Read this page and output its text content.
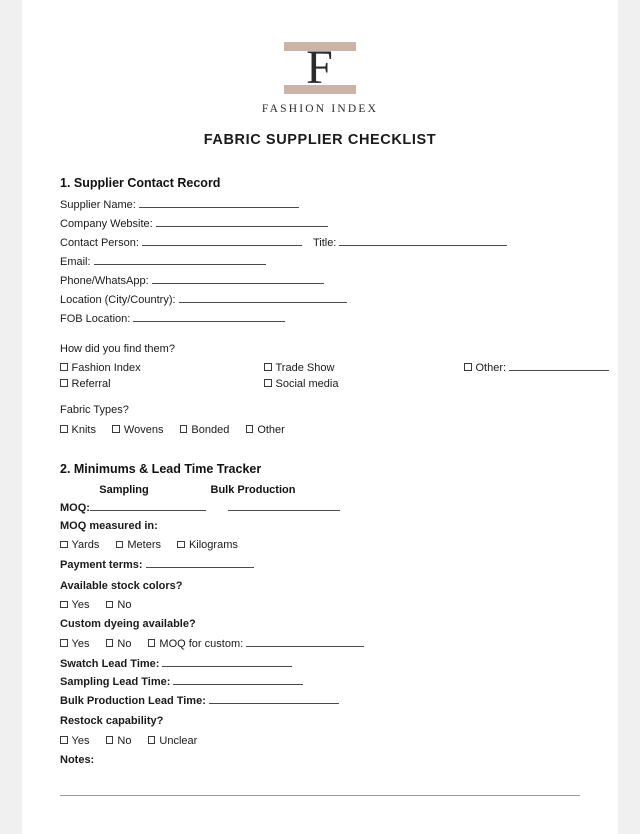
F
FASHION INDEX
FABRIC SUPPLIER CHECKLIST
1. Supplier Contact Record
Supplier Name:
Company Website:
Contact Person:	Title:
Email:
Phone/WhatsApp:
Location (City/Country):
FOB Location:
How did you find them?
Fashion Index	Trade Show	Other:
Referral	Social media
Fabric Types?
Knits	Wovens	Bonded	Other
2. Minimums & Lead Time Tracker
Sampling	Bulk Production
MOQ:
MOQ measured in:
Yards	Meters	Kilograms
Payment terms:
Available stock colors?
Yes	No
Custom dyeing available?
Yes	No	MOQ for custom:
Swatch Lead Time:
Sampling Lead Time:
Bulk Production Lead Time:
Restock capability?
Yes	No	Unclear
Notes:
